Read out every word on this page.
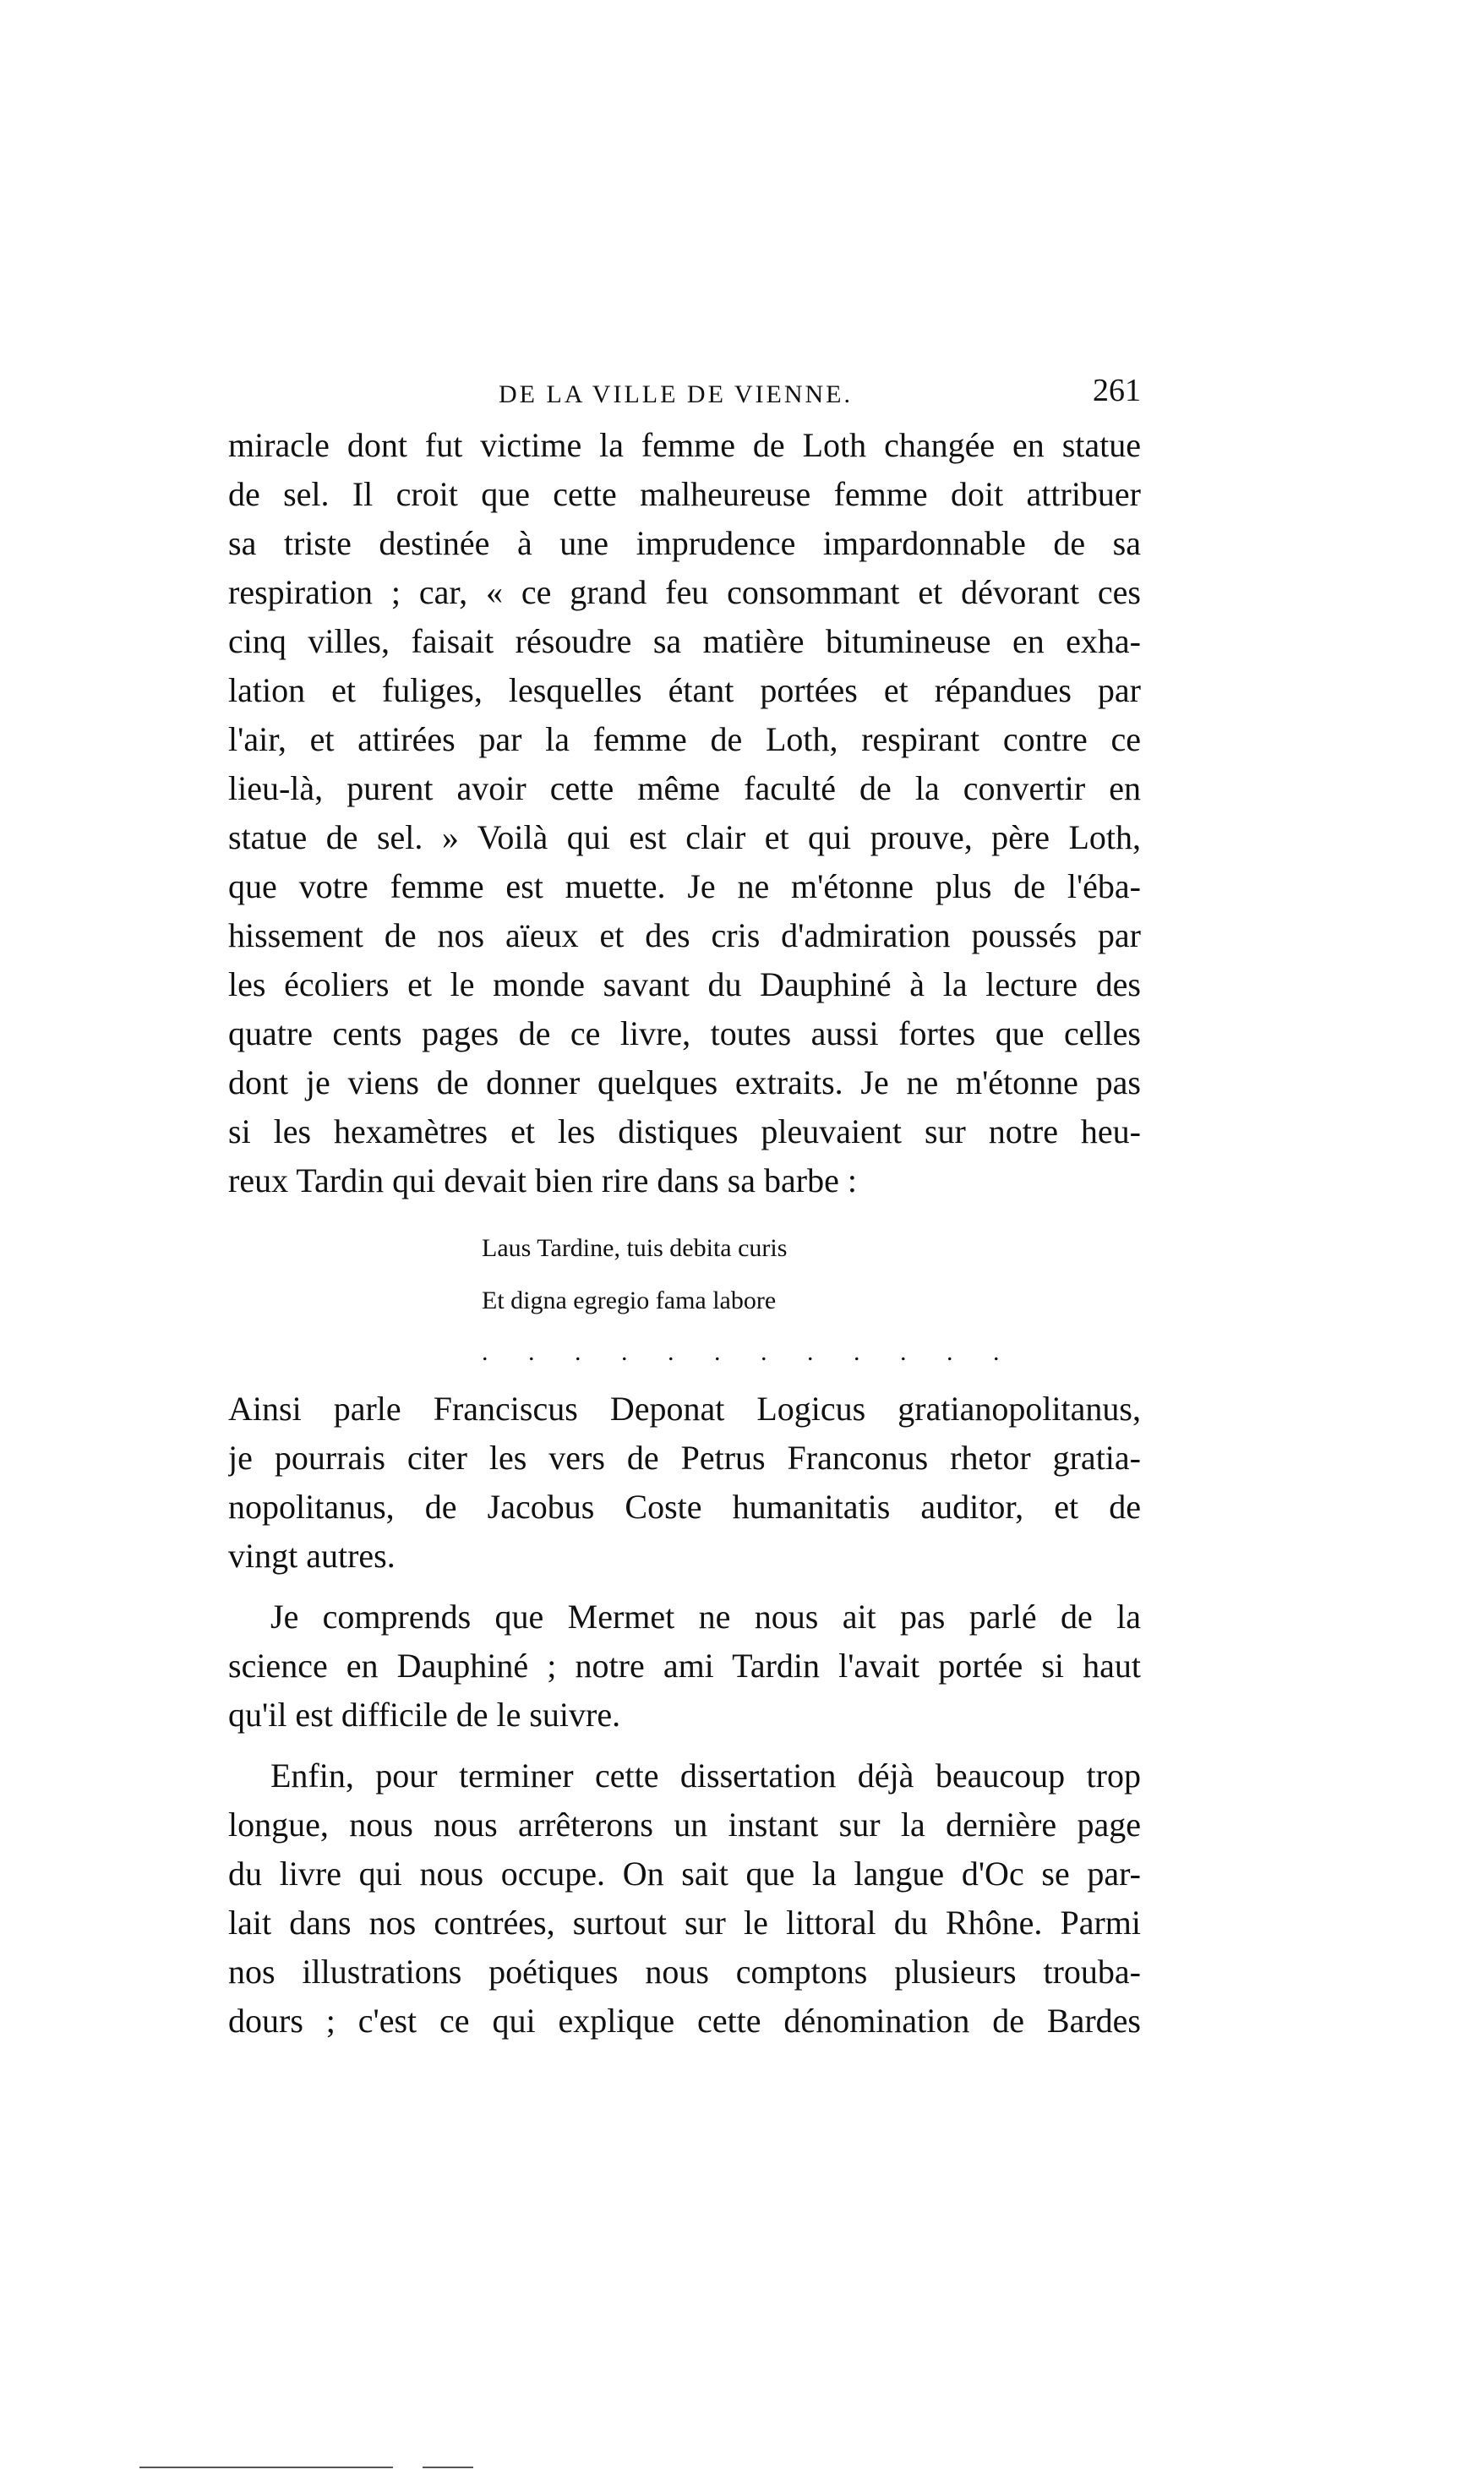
DE LA VILLE DE VIENNE.	261
miracle dont fut victime la femme de Loth changée en statue
de sel. Il croit que cette malheureuse femme doit attribuer
sa triste destinée à une imprudence impardonnable de sa
respiration ; car, « ce grand feu consommant et dévorant ces
cinq villes, faisait résoudre sa matière bitumineuse en exha-
lation et fuliges, lesquelles étant portées et répandues par
l'air, et attirées par la femme de Loth, respirant contre ce
lieu-là, purent avoir cette même faculté de la convertir en
statue de sel. » Voilà qui est clair et qui prouve, père Loth,
que votre femme est muette. Je ne m'étonne plus de l'éba-
hissement de nos aïeux et des cris d'admiration poussés par
les écoliers et le monde savant du Dauphiné à la lecture des
quatre cents pages de ce livre, toutes aussi fortes que celles
dont je viens de donner quelques extraits. Je ne m'étonne pas
si les hexamètres et les distiques pleuvaient sur notre heu-
reux Tardin qui devait bien rire dans sa barbe :
Laus Tardine, tuis debita curis
Et digna egregio fama labore
. . . . . . . . . . . .
Ainsi parle Franciscus Deponat Logicus gratianopolitanus,
je pourrais citer les vers de Petrus Franconus rhetor gratia-
nopolitanus, de Jacobus Coste humanitatis auditor, et de
vingt autres.
Je comprends que Mermet ne nous ait pas parlé de la
science en Dauphiné ; notre ami Tardin l'avait portée si haut
qu'il est difficile de le suivre.
Enfin, pour terminer cette dissertation déjà beaucoup trop
longue, nous nous arrêterons un instant sur la dernière page
du livre qui nous occupe. On sait que la langue d'Oc se par-
lait dans nos contrées, surtout sur le littoral du Rhône. Parmi
nos illustrations poétiques nous comptons plusieurs trouba-
dours ; c'est ce qui explique cette dénomination de Bardes
